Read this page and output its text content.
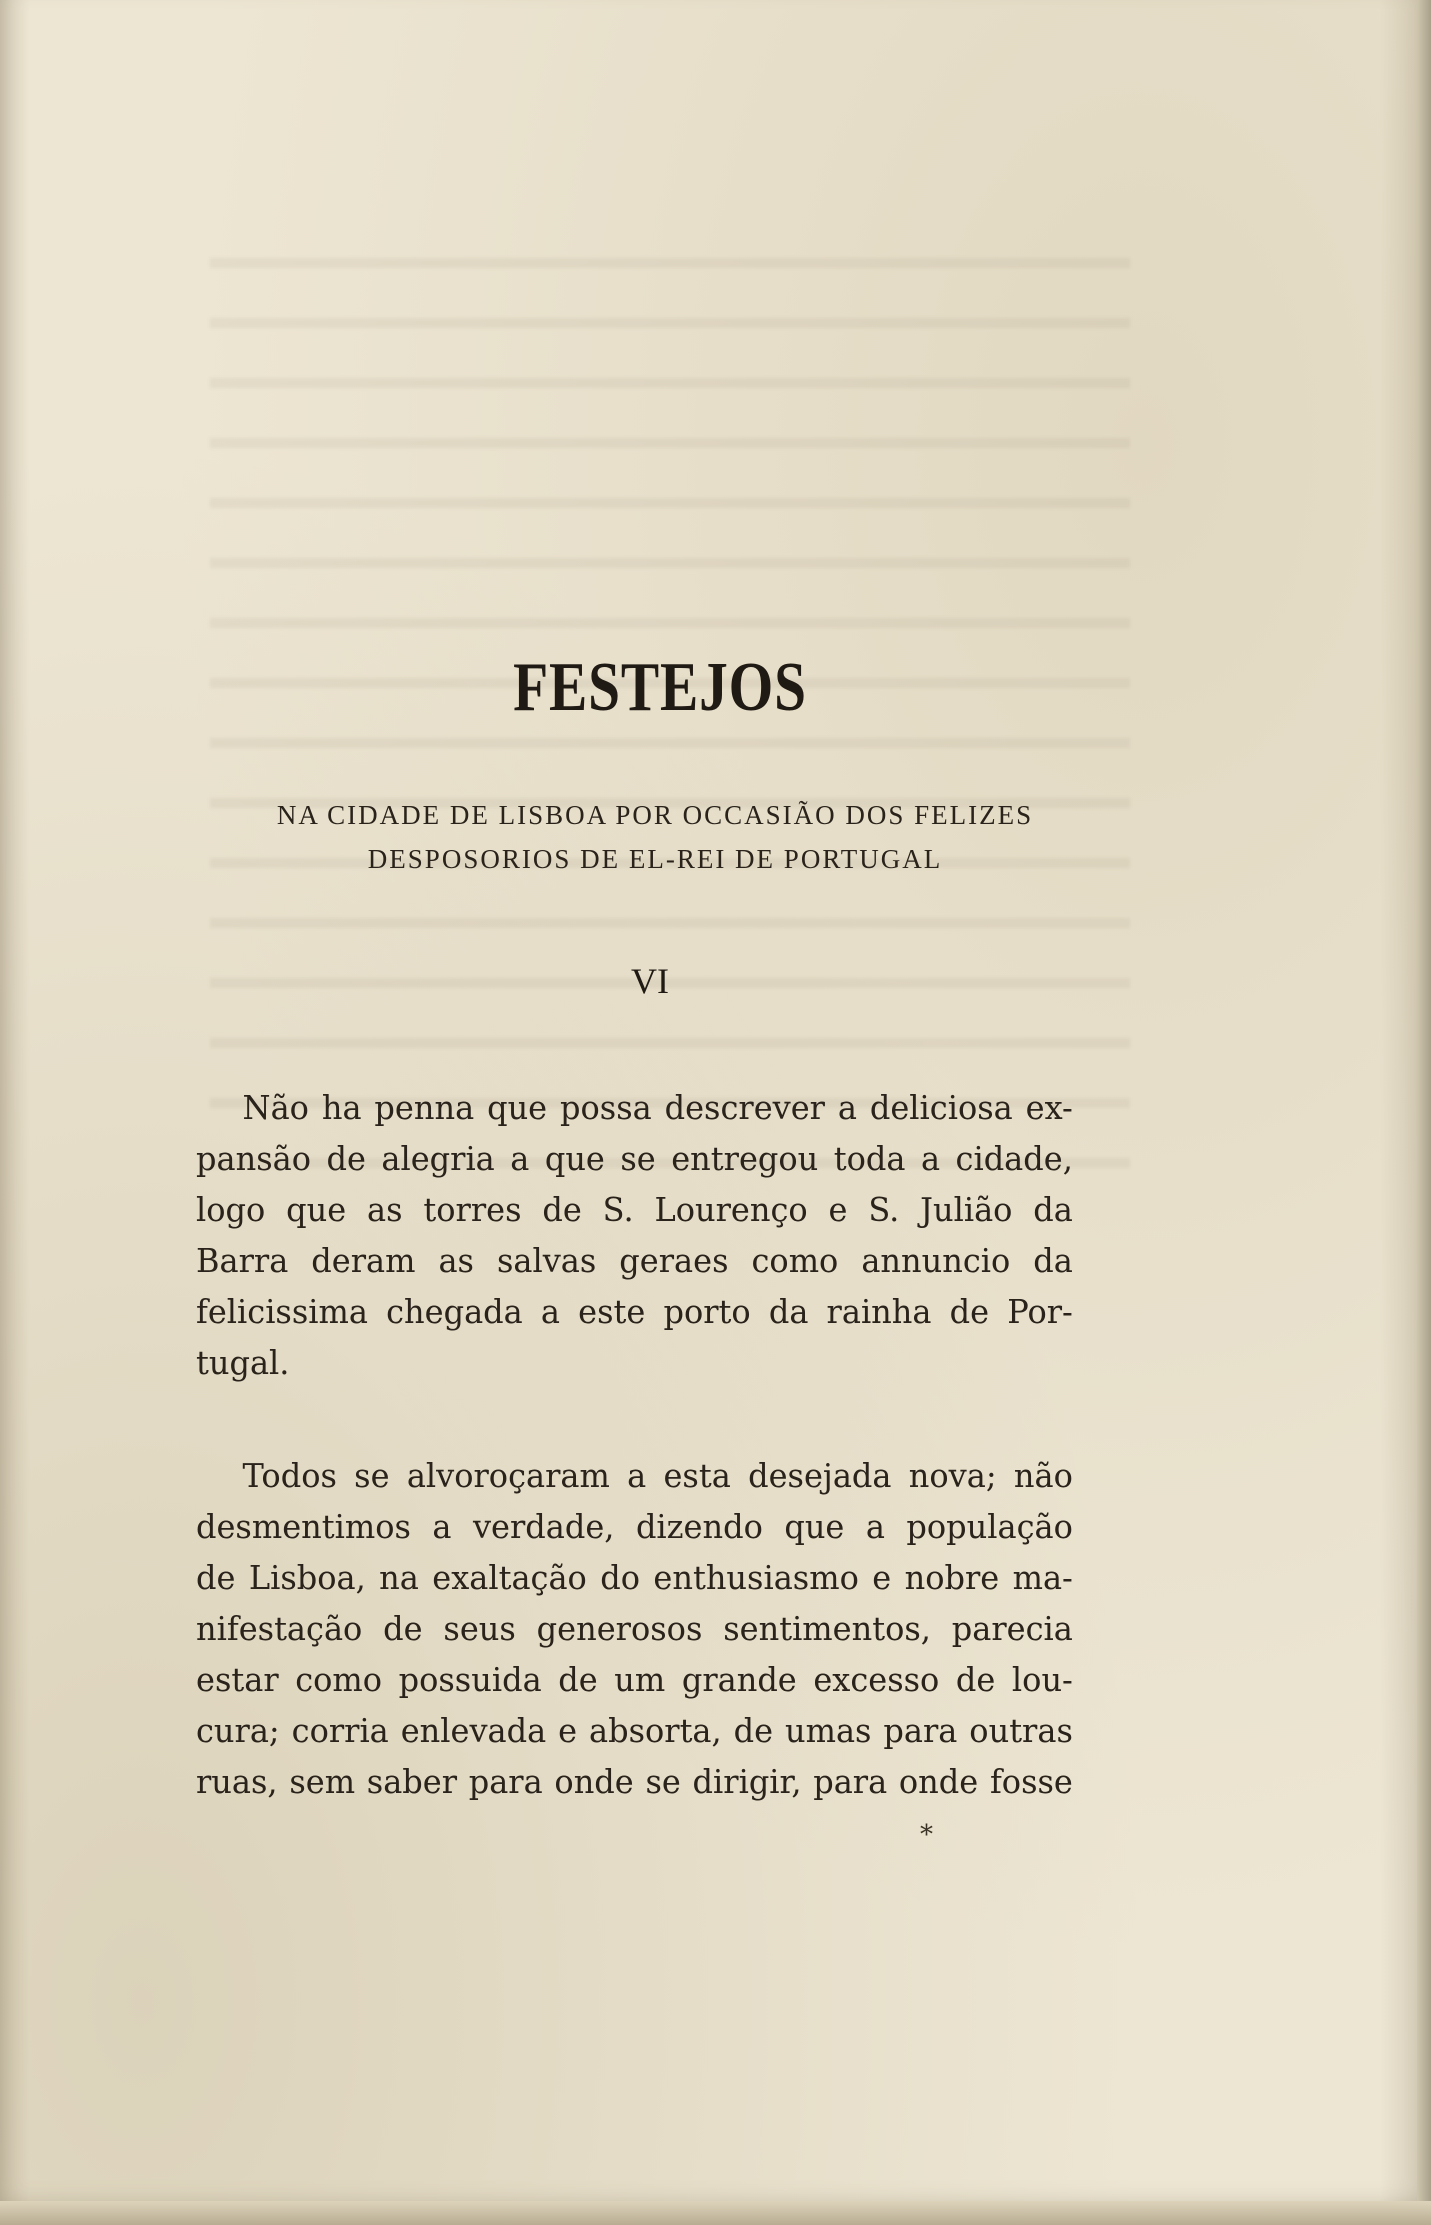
FESTEJOS
NA CIDADE DE LISBOA POR OCCASIÃO DOS FELIZES
DESPOSORIOS DE EL-REI DE PORTUGAL
VI
Não ha penna que possa descrever a deliciosa ex-
pansão de alegria a que se entregou toda a cidade,
logo que as torres de S. Lourenço e S. Julião da
Barra deram as salvas geraes como annuncio da
felicissima chegada a este porto da rainha de Por-
tugal.
Todos se alvoroçaram a esta desejada nova; não
desmentimos a verdade, dizendo que a população
de Lisboa, na exaltação do enthusiasmo e nobre ma-
nifestação de seus generosos sentimentos, parecia
estar como possuida de um grande excesso de lou-
cura; corria enlevada e absorta, de umas para outras
ruas, sem saber para onde se dirigir, para onde fosse
*
